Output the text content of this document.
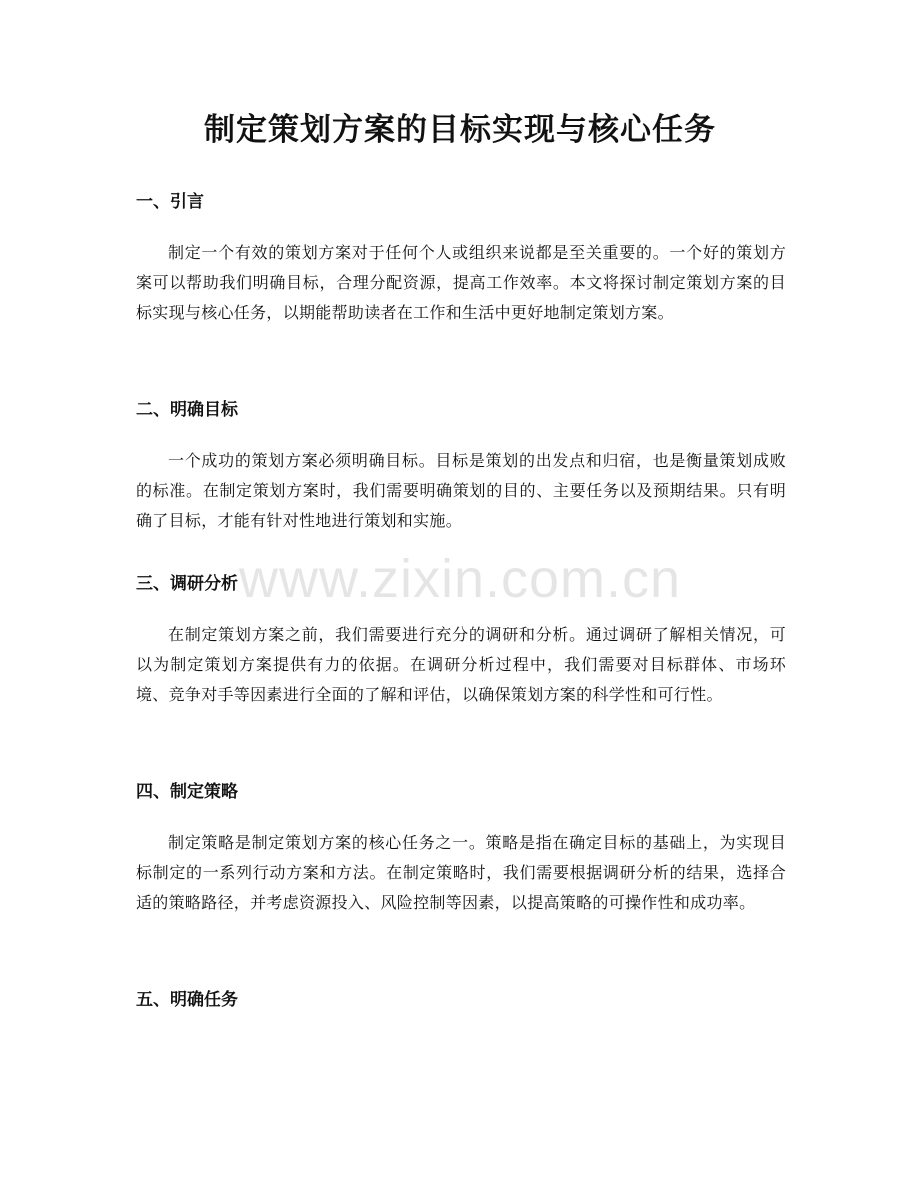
制定策划方案的目标实现与核心任务
一、引言

制定一个有效的策划方案对于任何个人或组织来说都是至关重要的。一个好的策划方案可以帮助我们明确目标，合理分配资源，提高工作效率。本文将探讨制定策划方案的目标实现与核心任务，以期能帮助读者在工作和生活中更好地制定策划方案。

二、明确目标

一个成功的策划方案必须明确目标。目标是策划的出发点和归宿，也是衡量策划成败的标准。在制定策划方案时，我们需要明确策划的目的、主要任务以及预期结果。只有明确了目标，才能有针对性地进行策划和实施。

三、调研分析

在制定策划方案之前，我们需要进行充分的调研和分析。通过调研了解相关情况，可以为制定策划方案提供有力的依据。在调研分析过程中，我们需要对目标群体、市场环境、竞争对手等因素进行全面的了解和评估，以确保策划方案的科学性和可行性。

四、制定策略

制定策略是制定策划方案的核心任务之一。策略是指在确定目标的基础上，为实现目标制定的一系列行动方案和方法。在制定策略时，我们需要根据调研分析的结果，选择合适的策略路径，并考虑资源投入、风险控制等因素，以提高策略的可操作性和成功率。

五、明确任务
www.zixin.com.cn
